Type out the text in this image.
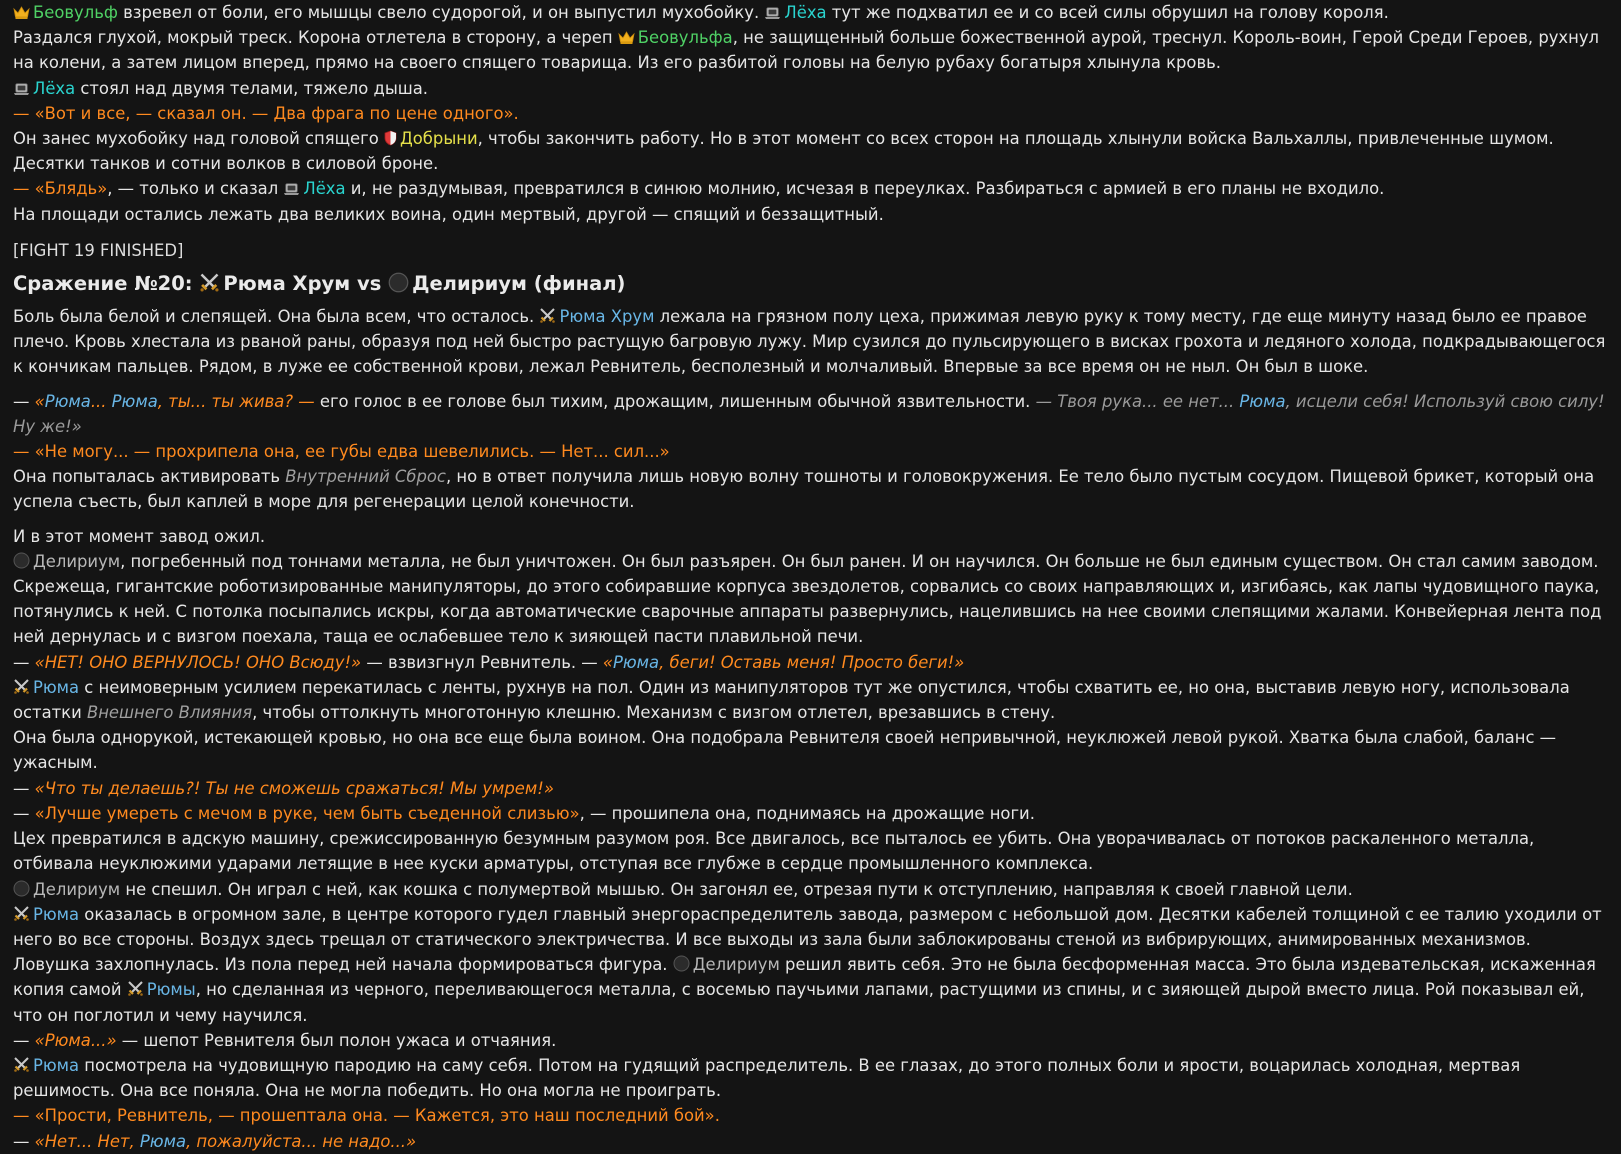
Беовульф взревел от боли, его мышцы свело судорогой, и он выпустил мухобойку.
Лёха тут же подхватил ее и со всей силы обрушил на голову короля.

Раздался глухой, мокрый треск. Корона отлетела в сторону, а череп
Беовульфа, не защищенный больше божественной аурой, треснул. Король-воин, Герой Среди Героев, рухнул на колени, а затем лицом вперед, прямо на своего спящего товарища. Из его разбитой головы на белую рубаху богатыря хлынула кровь.

Лёха стоял над двумя телами, тяжело дыша.

— «Вот и все, — сказал он. — Два фрага по цене одного».

Он занес мухобойку над головой спящего
Добрыни, чтобы закончить работу. Но в этот момент со всех сторон на площадь хлынули войска Вальхаллы, привлеченные шумом. Десятки танков и сотни волков в силовой броне.

— «Блядь», — только и сказал
Лёха и, не раздумывая, превратился в синюю молнию, исчезая в переулках. Разбираться с армией в его планы не входило.

На площади остались лежать два великих воина, один мертвый, другой — спящий и беззащитный.

[FIGHT 19 FINISHED]

Сражение №20:
Рюма Хрум vs
Делириум (финал)

Боль была белой и слепящей. Она была всем, что осталось.
Рюма Хрум лежала на грязном полу цеха, прижимая левую руку к тому месту, где еще минуту назад было ее правое плечо. Кровь хлестала из рваной раны, образуя под ней быстро растущую багровую лужу. Мир сузился до пульсирующего в висках грохота и ледяного холода, подкрадывающегося к кончикам пальцев. Рядом, в луже ее собственной крови, лежал Ревнитель, бесполезный и молчаливый. Впервые за все время он не ныл. Он был в шоке.

— «Рюма... Рюма, ты... ты жива? — его голос в ее голове был тихим, дрожащим, лишенным обычной язвительности. — Твоя рука... ее нет... Рюма, исцели себя! Используй свою силу! Ну же!»

— «Не могу... — прохрипела она, ее губы едва шевелились. — Нет... сил...»

Она попыталась активировать Внутренний Сброс, но в ответ получила лишь новую волну тошноты и головокружения. Ее тело было пустым сосудом. Пищевой брикет, который она успела съесть, был каплей в море для регенерации целой конечности.

И в этот момент завод ожил.

Делириум, погребенный под тоннами металла, не был уничтожен. Он был разъярен. Он был ранен. И он научился. Он больше не был единым существом. Он стал самим заводом. Скрежеща, гигантские роботизированные манипуляторы, до этого собиравшие корпуса звездолетов, сорвались со своих направляющих и, изгибаясь, как лапы чудовищного паука, потянулись к ней. С потолка посыпались искры, когда автоматические сварочные аппараты развернулись, нацелившись на нее своими слепящими жалами. Конвейерная лента под ней дернулась и с визгом поехала, таща ее ослабевшее тело к зияющей пасти плавильной печи.

— «НЕТ! ОНО ВЕРНУЛОСЬ! ОНО Всюду!» — взвизгнул Ревнитель. — «Рюма, беги! Оставь меня! Просто беги!»

Рюма с неимоверным усилием перекатилась с ленты, рухнув на пол. Один из манипуляторов тут же опустился, чтобы схватить ее, но она, выставив левую ногу, использовала остатки Внешнего Влияния, чтобы оттолкнуть многотонную клешню. Механизм с визгом отлетел, врезавшись в стену.

Она была однорукой, истекающей кровью, но она все еще была воином. Она подобрала Ревнителя своей непривычной, неуклюжей левой рукой. Хватка была слабой, баланс — ужасным.

— «Что ты делаешь?! Ты не сможешь сражаться! Мы умрем!»

— «Лучше умереть с мечом в руке, чем быть съеденной слизью», — прошипела она, поднимаясь на дрожащие ноги.

Цех превратился в адскую машину, срежиссированную безумным разумом роя. Все двигалось, все пыталось ее убить. Она уворачивалась от потоков раскаленного металла, отбивала неуклюжими ударами летящие в нее куски арматуры, отступая все глубже в сердце промышленного комплекса.

Делириум не спешил. Он играл с ней, как кошка с полумертвой мышью. Он загонял ее, отрезая пути к отступлению, направляя к своей главной цели.

Рюма оказалась в огромном зале, в центре которого гудел главный энергораспределитель завода, размером с небольшой дом. Десятки кабелей толщиной с ее талию уходили от него во все стороны. Воздух здесь трещал от статического электричества. И все выходы из зала были заблокированы стеной из вибрирующих, анимированных механизмов. Ловушка захлопнулась. Из пола перед ней начала формироваться фигура.
Делириум решил явить себя. Это не была бесформенная масса. Это была издевательская, искаженная копия самой
Рюмы, но сделанная из черного, переливающегося металла, с восемью паучьими лапами, растущими из спины, и с зияющей дырой вместо лица. Рой показывал ей, что он поглотил и чему научился.

— «Рюма...» — шепот Ревнителя был полон ужаса и отчаяния.

Рюма посмотрела на чудовищную пародию на саму себя. Потом на гудящий распределитель. В ее глазах, до этого полных боли и ярости, воцарилась холодная, мертвая решимость. Она все поняла. Она не могла победить. Но она могла не проиграть.

— «Прости, Ревнитель, — прошептала она. — Кажется, это наш последний бой».

— «Нет... Нет, Рюма, пожалуйста... не надо...»
